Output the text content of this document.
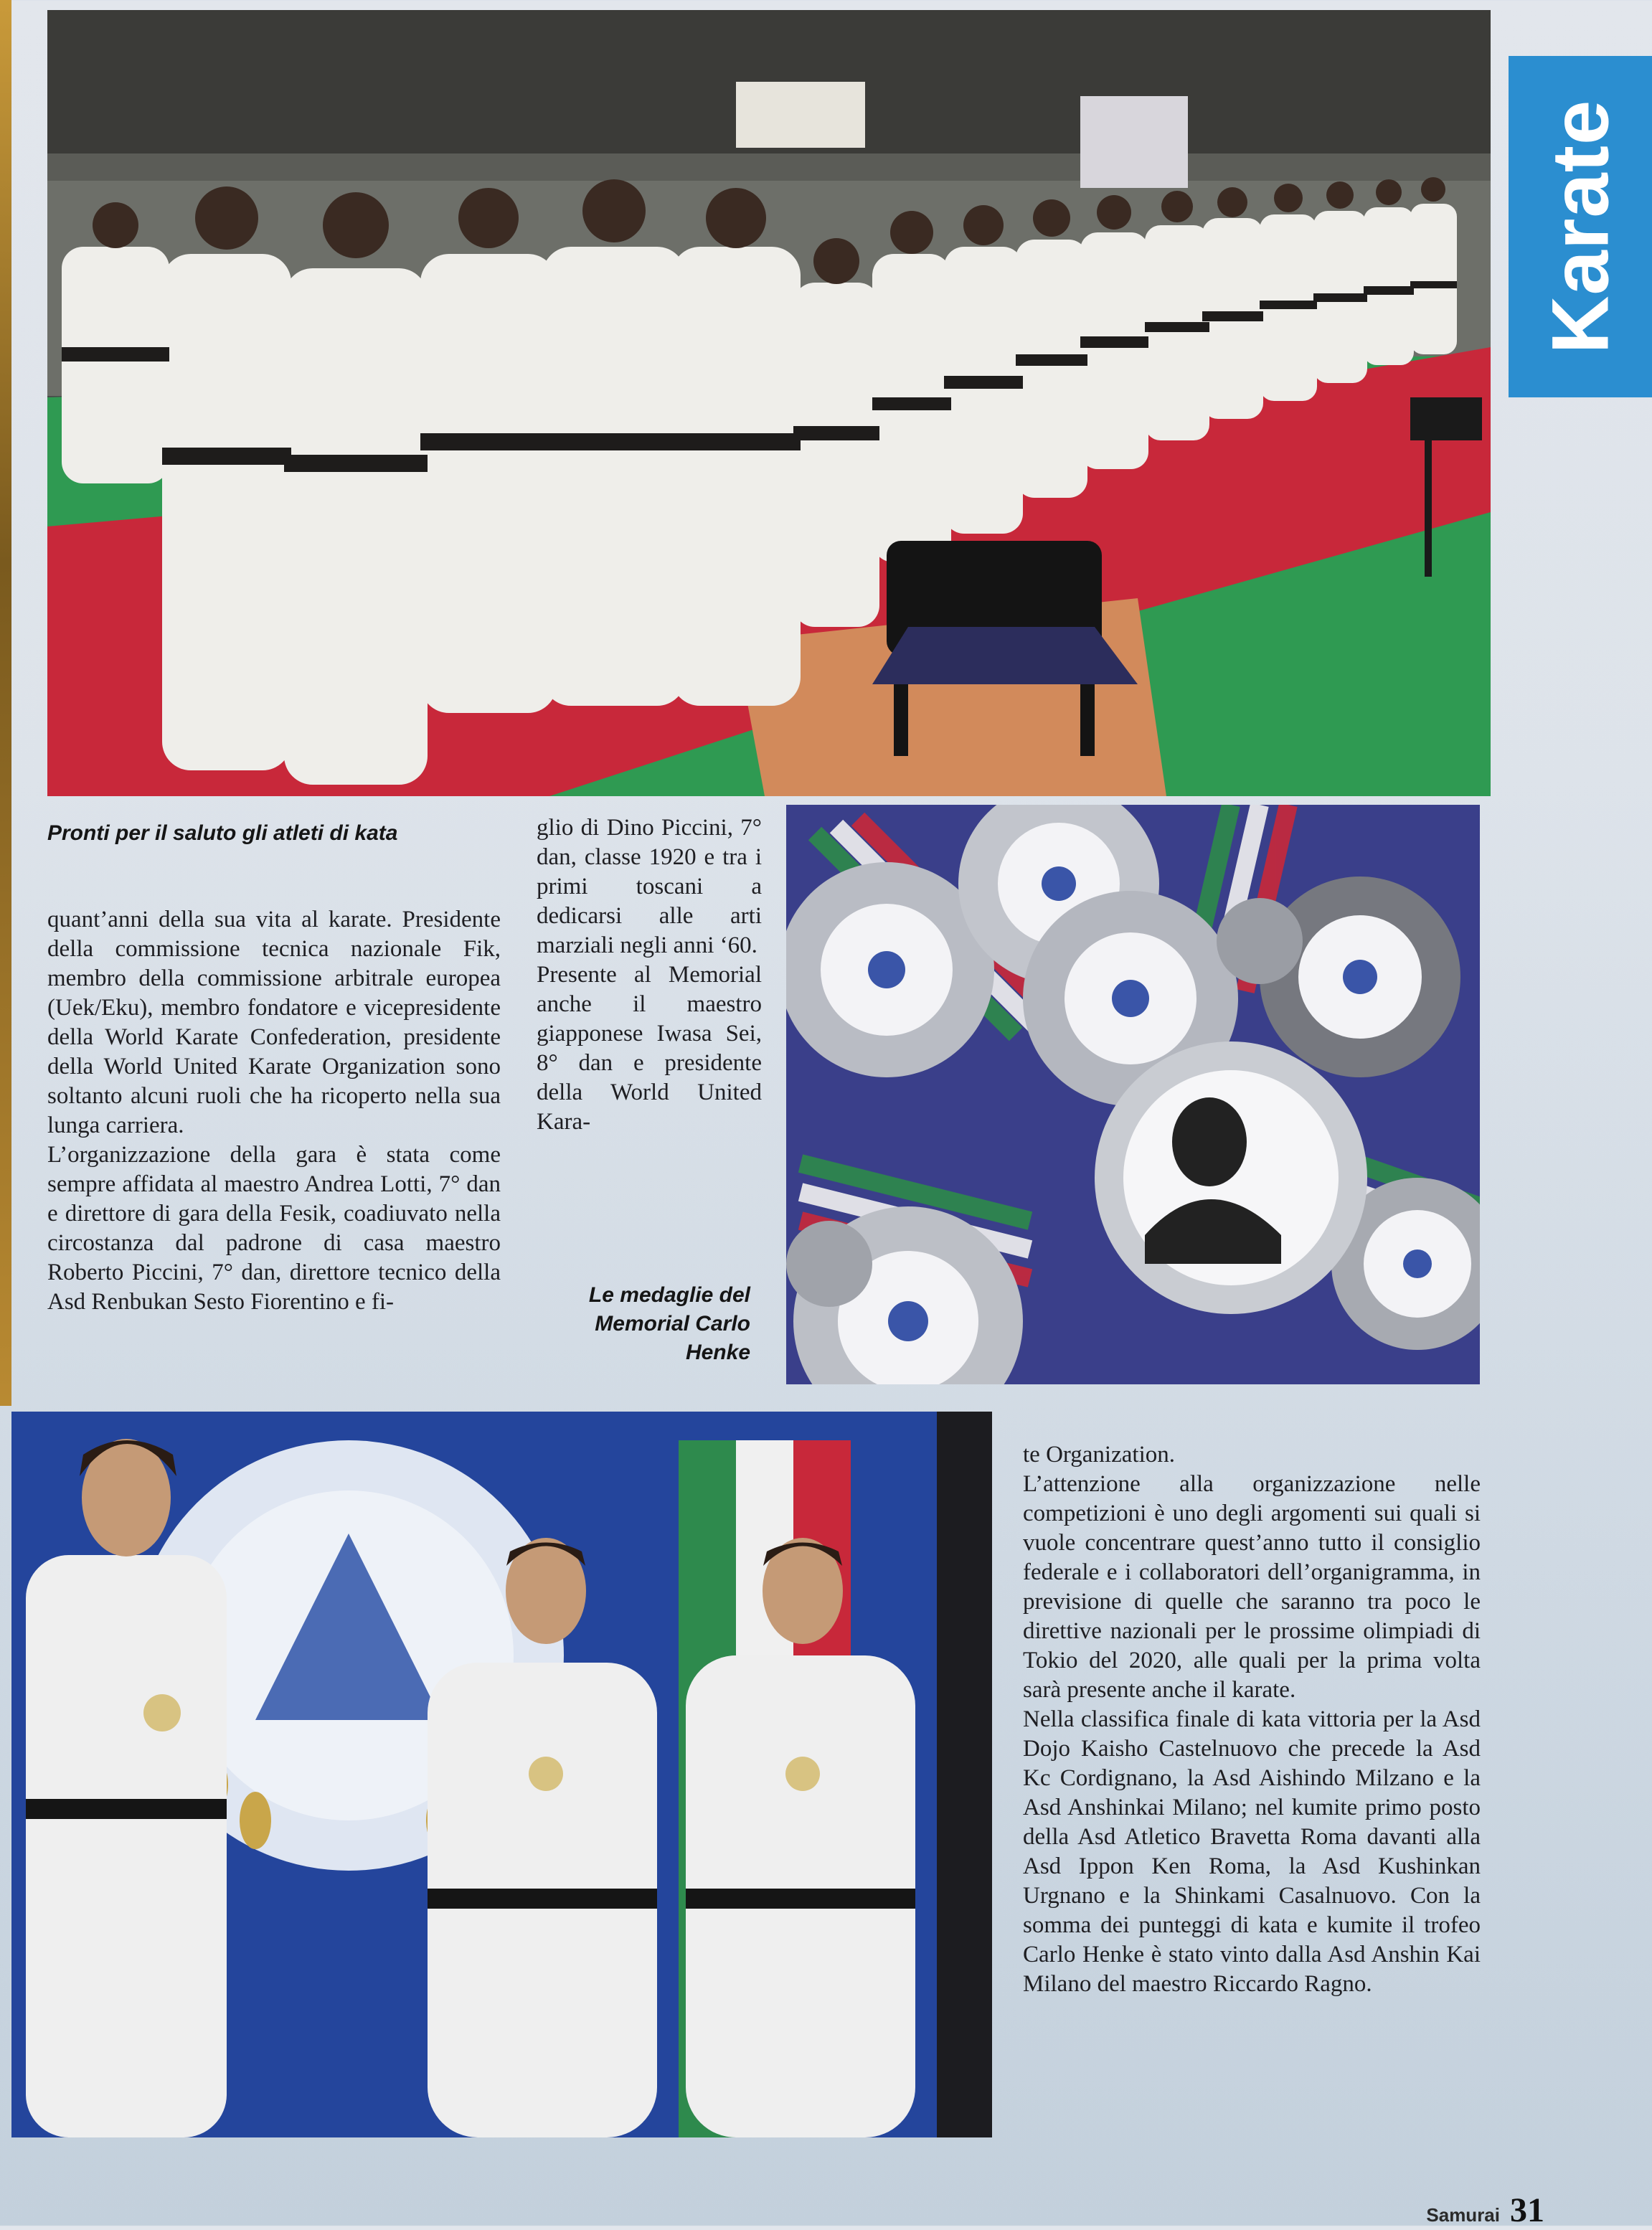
Karate
Pronti per il saluto gli atleti di kata

quant’anni della sua vita al karate. Presidente della commissione tecnica nazionale Fik, membro della commissione arbitrale europea (Uek/Eku), membro fondatore e vicepresidente della World Karate Confederation, presidente della World United Karate Organization sono soltanto alcuni ruoli che ha ricoperto nella sua lunga carriera.

L’organizzazione della gara è stata come sempre affidata al maestro Andrea Lotti, 7° dan e direttore di gara della Fesik, coadiuvato nella circostanza dal padrone di casa maestro Roberto Piccini, 7° dan, direttore tecnico della Asd Renbukan Sesto Fiorentino e fi-

glio di Dino Piccini, 7° dan, classe 1920 e tra i primi toscani a dedicarsi alle arti marziali negli anni ‘60.

Presente al Memorial anche il maestro giapponese Iwasa Sei, 8° dan e presidente della World United Kara-

Le medaglie del
Memorial Carlo
Henke

te Organization.

L’attenzione alla organizzazione nelle competizioni è uno degli argomenti sui quali si vuole concentrare quest’anno tutto il consiglio federale e i collaboratori dell’organigramma, in previsione di quelle che saranno tra poco le direttive nazionali per le prossime olimpiadi di Tokio del 2020, alle quali per la prima volta sarà presente anche il karate.

Nella classifica finale di kata vittoria per la Asd Dojo Kaisho Castelnuovo che precede la Asd Kc Cordignano, la Asd Aishindo Milzano e la Asd Anshinkai Milano; nel kumite primo posto della Asd Atletico Bravetta Roma davanti alla Asd Ippon Ken Roma, la Asd Kushinkan Urgnano e la Shinkami Casalnuovo. Con la somma dei punteggi di kata e kumite il trofeo Carlo Henke è stato vinto dalla Asd Anshin Kai Milano del maestro Riccardo Ragno.

Samurai 31
